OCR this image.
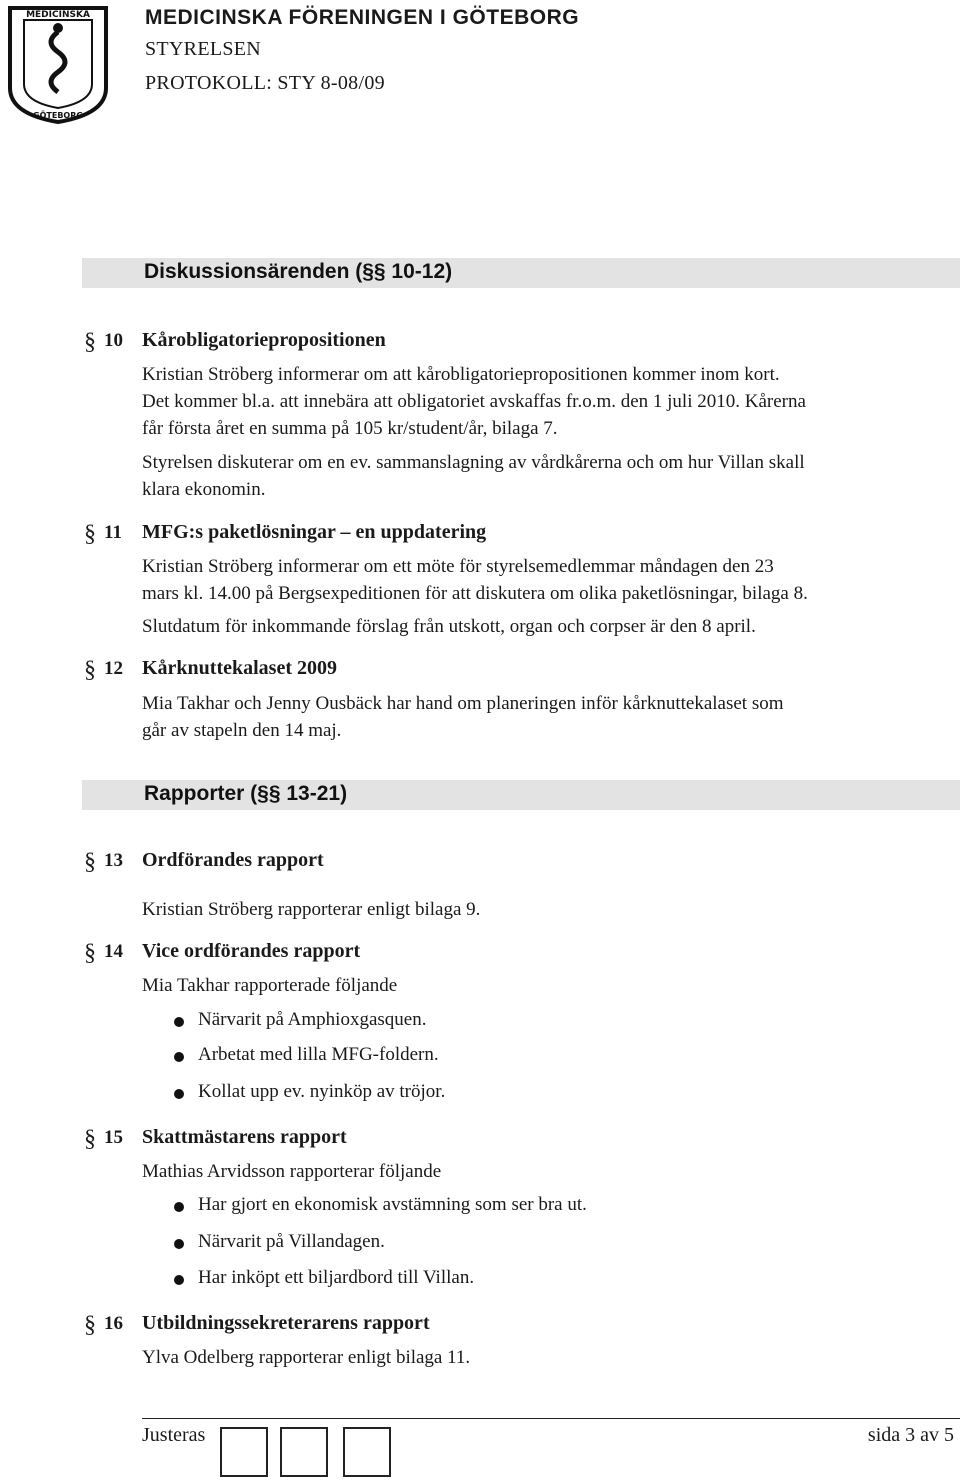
MEDICINSKA
GÖTEBORG
MEDICINSKA FÖRENINGEN I GÖTEBORG
STYRELSEN
PROTOKOLL: STY 8-08/09
Diskussionsärenden (§§ 10-12)
§ 10 Kårobligatoriepropositionen
Kristian Ströberg informerar om att kårobligatoriepropositionen kommer inom kort.
Det kommer bl.a. att innebära att obligatoriet avskaffas fr.o.m. den 1 juli 2010. Kårerna
får första året en summa på 105 kr/student/år, bilaga 7.
Styrelsen diskuterar om en ev. sammanslagning av vårdkårerna och om hur Villan skall
klara ekonomin.
§ 11 MFG:s paketlösningar – en uppdatering
Kristian Ströberg informerar om ett möte för styrelsemedlemmar måndagen den 23
mars kl. 14.00 på Bergsexpeditionen för att diskutera om olika paketlösningar, bilaga 8.
Slutdatum för inkommande förslag från utskott, organ och corpser är den 8 april.
§ 12 Kårknuttekalaset 2009
Mia Takhar och Jenny Ousbäck har hand om planeringen inför kårknuttekalaset som
går av stapeln den 14 maj.
Rapporter (§§ 13-21)
§ 13 Ordförandes rapport
Kristian Ströberg rapporterar enligt bilaga 9.
§ 14 Vice ordförandes rapport
Mia Takhar rapporterade följande
Närvarit på Amphioxgasquen.
Arbetat med lilla MFG-foldern.
Kollat upp ev. nyinköp av tröjor.
§ 15 Skattmästarens rapport
Mathias Arvidsson rapporterar följande
Har gjort en ekonomisk avstämning som ser bra ut.
Närvarit på Villandagen.
Har inköpt ett biljardbord till Villan.
§ 16 Utbildningssekreterarens rapport
Ylva Odelberg rapporterar enligt bilaga 11.
Justeras	sida 3 av 5
